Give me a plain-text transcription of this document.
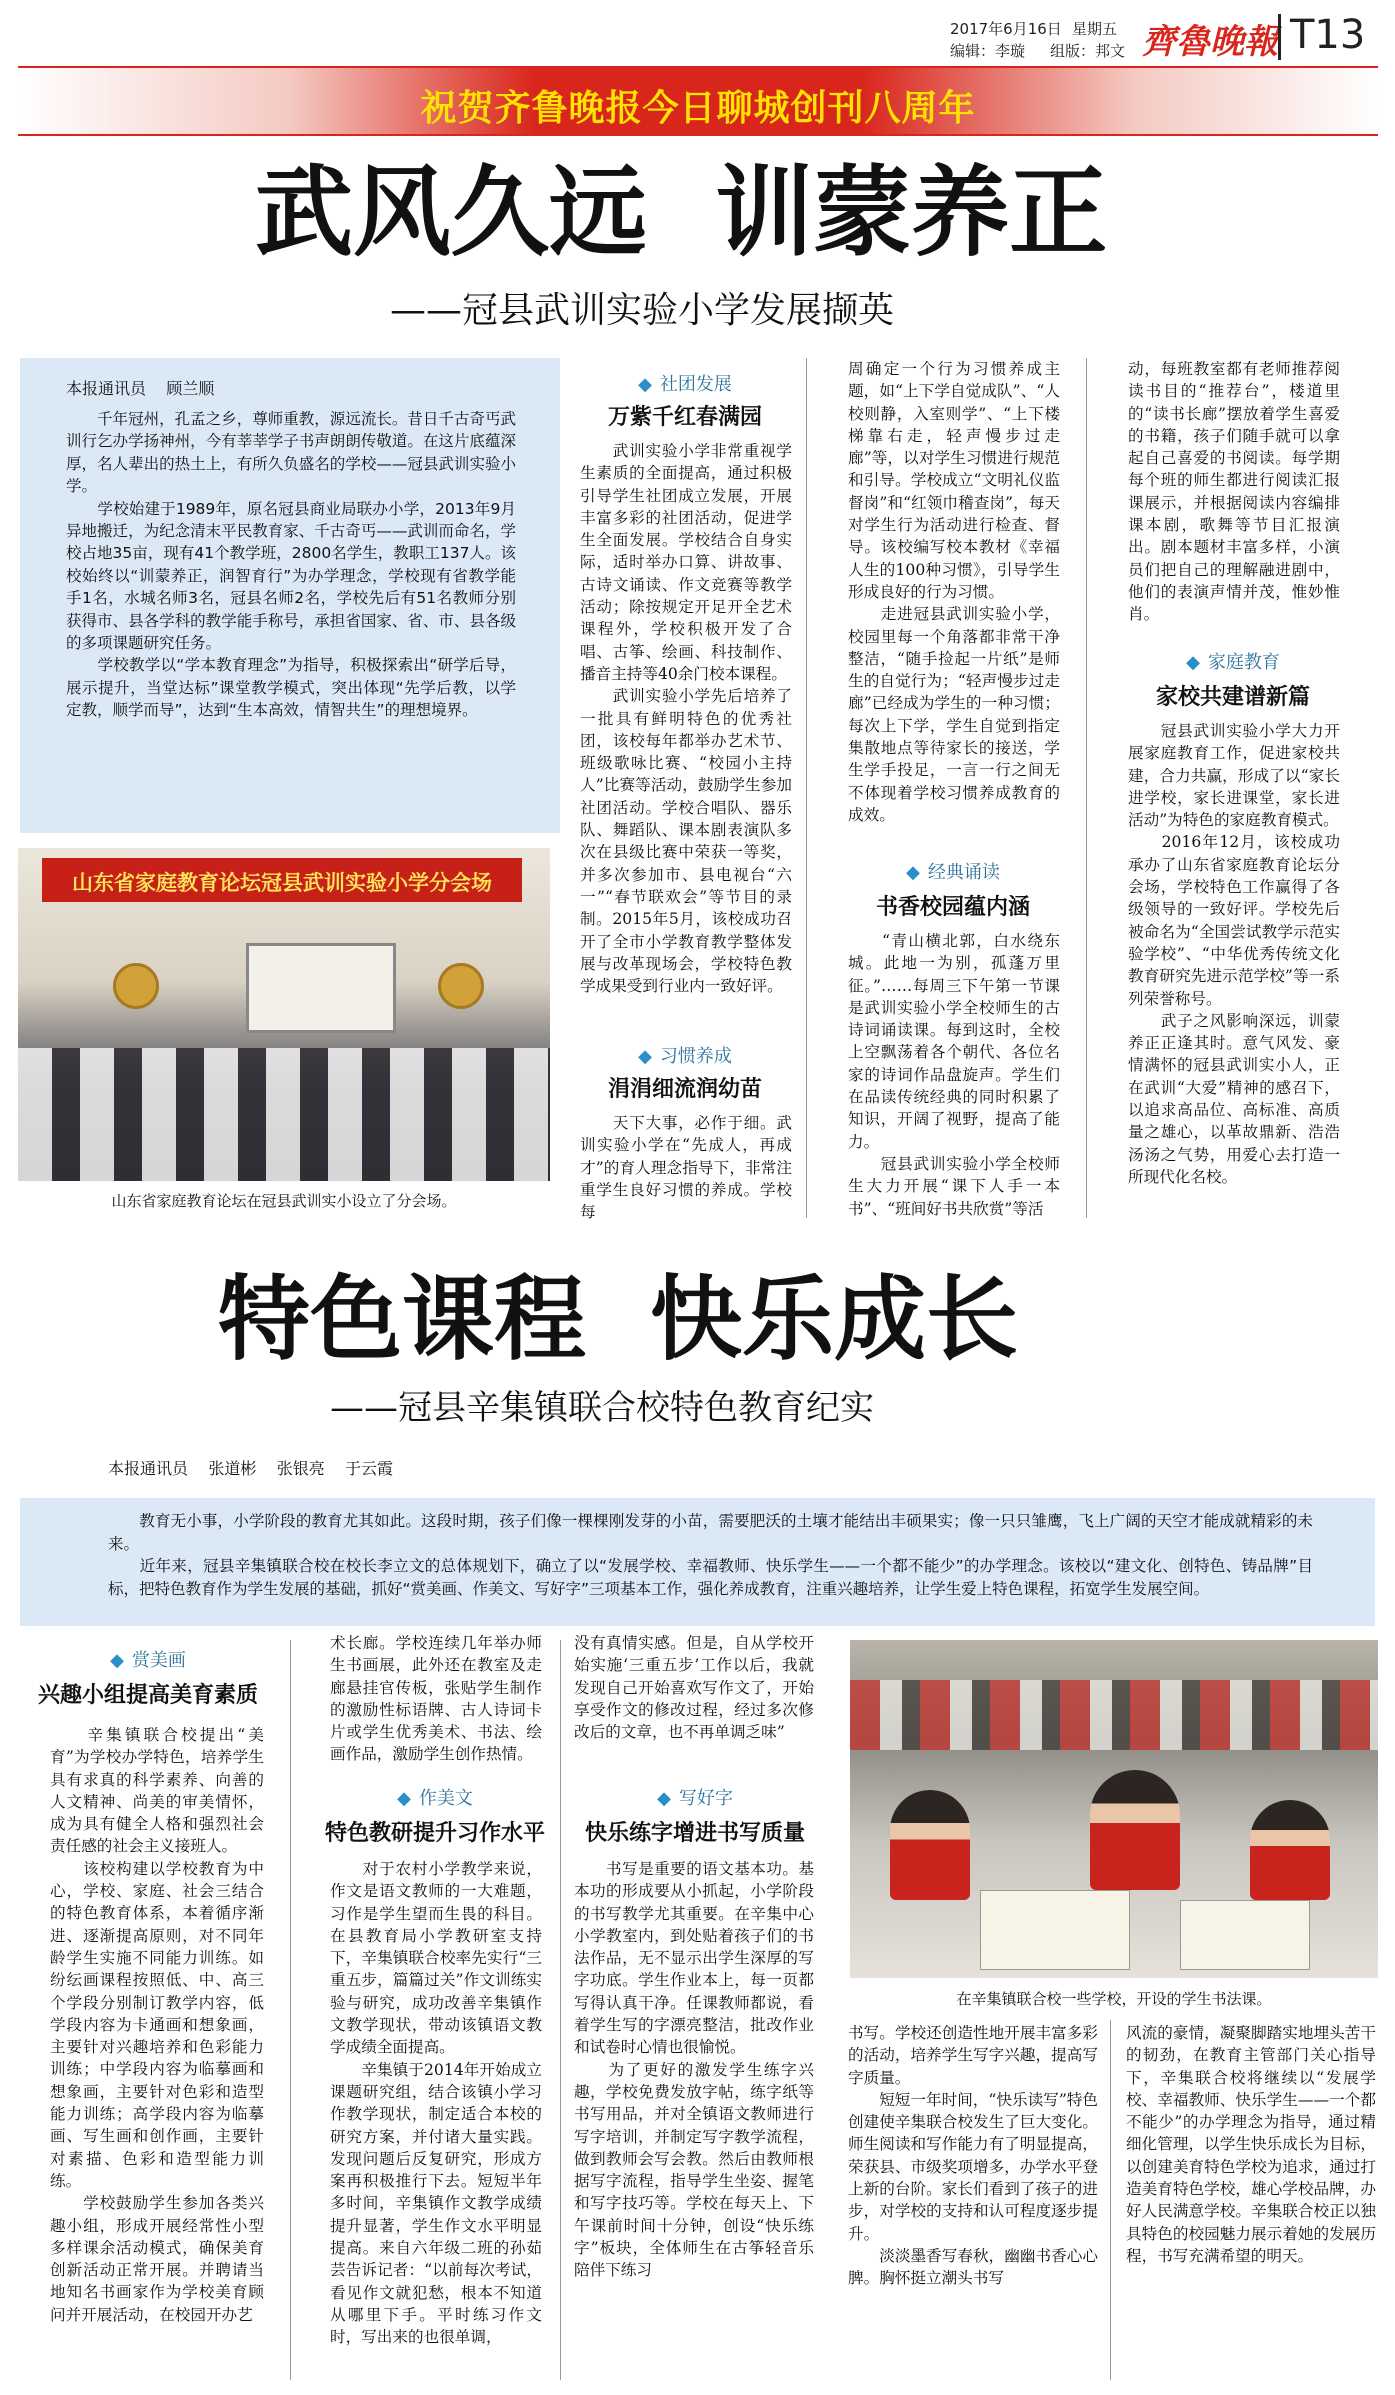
2017年6月16日 星期五
编辑：李璇 组版：邦文 齊魯晚報 T13
祝贺齐鲁晚报今日聊城创刊八周年
武风久远  训蒙养正
——冠县武训实验小学发展撷英
本报通讯员    顾兰顺
　　千年冠州，孔孟之乡，尊师重教，源远流长。昔日千古奇丐武训行乞办学扬神州，今有莘莘学子书声朗朗传敬道。在这片底蕴深厚，名人辈出的热土上，有所久负盛名的学校——冠县武训实验小学。
　　学校始建于1989年，原名冠县商业局联办小学，2013年9月异地搬迁，为纪念清末平民教育家、千古奇丐——武训而命名，学校占地35亩，现有41个教学班，2800名学生，教职工137人。该校始终以“训蒙养正，润智育行”为办学理念，学校现有省教学能手1名，水城名师3名，冠县名师2名，学校先后有51名教师分别获得市、县各学科的教学能手称号，承担省国家、省、市、县各级的多项课题研究任务。
　　学校教学以“学本教育理念”为指导，积极探索出“研学后导，展示提升，当堂达标”课堂教学模式，突出体现“先学后教，以学定教，顺学而导”，达到“生本高效，情智共生”的理想境界。
山东省家庭教育论坛冠县武训实验小学分会场
山东省家庭教育论坛在冠县武训实小设立了分会场。
◆ 社团发展
万紫千红春满园
　　武训实验小学非常重视学生素质的全面提高，通过积极引导学生社团成立发展，开展丰富多彩的社团活动，促进学生全面发展。学校结合自身实际，适时举办口算、讲故事、古诗文诵读、作文竞赛等教学活动；除按规定开足开全艺术课程外，学校积极开发了合唱、古筝、绘画、科技制作、播音主持等40余门校本课程。
　　武训实验小学先后培养了一批具有鲜明特色的优秀社团，该校每年都举办艺术节、班级歌咏比赛、“校园小主持人”比赛等活动，鼓励学生参加社团活动。学校合唱队、器乐队、舞蹈队、课本剧表演队多次在县级比赛中荣获一等奖，并多次参加市、县电视台“六一”“春节联欢会”等节目的录制。2015年5月，该校成功召开了全市小学教育教学整体发展与改革现场会，学校特色教学成果受到行业内一致好评。
◆ 习惯养成
涓涓细流润幼苗
　　天下大事，必作于细。武训实验小学在“先成人，再成才”的育人理念指导下，非常注重学生良好习惯的养成。学校每
周确定一个行为习惯养成主题，如“上下学自觉成队”、“人校则静，入室则学”、“上下楼梯靠右走，轻声慢步过走廊”等，以对学生习惯进行规范和引导。学校成立“文明礼仪监督岗”和“红领巾稽查岗”，每天对学生行为活动进行检查、督导。该校编写校本教材《幸福人生的100种习惯》，引导学生形成良好的行为习惯。
　　走进冠县武训实验小学，校园里每一个角落都非常干净整洁，“随手捡起一片纸”是师生的自觉行为；“轻声慢步过走廊”已经成为学生的一种习惯；每次上下学，学生自觉到指定集散地点等待家长的接送，学生学手投足，一言一行之间无不体现着学校习惯养成教育的成效。
◆ 经典诵读
书香校园蕴内涵
　　“青山横北郭，白水绕东城。此地一为别，孤蓬万里征。”……每周三下午第一节课是武训实验小学全校师生的古诗词诵读课。每到这时，全校上空飘荡着各个朝代、各位名家的诗词作品盘旋声。学生们在品读传统经典的同时积累了知识，开阔了视野，提高了能力。
　　冠县武训实验小学全校师生大力开展“课下人手一本书”、“班间好书共欣赏”等活
动，每班教室都有老师推荐阅读书目的“推荐台”，楼道里的“读书长廊”摆放着学生喜爱的书籍，孩子们随手就可以拿起自己喜爱的书阅读。每学期每个班的师生都进行阅读汇报课展示，并根据阅读内容编排课本剧，歌舞等节目汇报演出。剧本题材丰富多样，小演员们把自己的理解融进剧中，他们的表演声情并茂，惟妙惟肖。
◆ 家庭教育
家校共建谱新篇
　　冠县武训实验小学大力开展家庭教育工作，促进家校共建，合力共赢，形成了以“家长进学校，家长进课堂，家长进活动”为特色的家庭教育模式。
　　2016年12月，该校成功承办了山东省家庭教育论坛分会场，学校特色工作赢得了各级领导的一致好评。学校先后被命名为“全国尝试教学示范实验学校”、“中华优秀传统文化教育研究先进示范学校”等一系列荣誉称号。
　　武子之风影响深远，训蒙养正正逢其时。意气风发、豪情满怀的冠县武训实小人，正在武训“大爱”精神的感召下，以追求高品位、高标准、高质量之雄心，以革故鼎新、浩浩汤汤之气势，用爱心去打造一所现代化名校。
特色课程  快乐成长
——冠县辛集镇联合校特色教育纪实
本报通讯员    张道彬    张银亮    于云霞
　　教育无小事，小学阶段的教育尤其如此。这段时期，孩子们像一棵棵刚发芽的小苗，需要肥沃的土壤才能结出丰硕果实；像一只只雏鹰，飞上广阔的天空才能成就精彩的未来。
　　近年来，冠县辛集镇联合校在校长李立文的总体规划下，确立了以“发展学校、幸福教师、快乐学生——一个都不能少”的办学理念。该校以“建文化、创特色、铸品牌”目标，把特色教育作为学生发展的基础，抓好“赏美画、作美文、写好字”三项基本工作，强化养成教育，注重兴趣培养，让学生爱上特色课程，拓宽学生发展空间。
◆ 赏美画
兴趣小组提高美育素质
　　辛集镇联合校提出“美育”为学校办学特色，培养学生具有求真的科学素养、向善的人文精神、尚美的审美情怀，成为具有健全人格和强烈社会责任感的社会主义接班人。
　　该校构建以学校教育为中心，学校、家庭、社会三结合的特色教育体系，本着循序渐进、逐渐提高原则，对不同年龄学生实施不同能力训练。如纷纭画课程按照低、中、高三个学段分别制订教学内容，低学段内容为卡通画和想象画，主要针对兴趣培养和色彩能力训练；中学段内容为临摹画和想象画，主要针对色彩和造型能力训练；高学段内容为临摹画、写生画和创作画，主要针对素描、色彩和造型能力训练。
　　学校鼓励学生参加各类兴趣小组，形成开展经常性小型多样课余活动模式，确保美育创新活动正常开展。并聘请当地知名书画家作为学校美育顾问并开展活动，在校园开办艺
术长廊。学校连续几年举办师生书画展，此外还在教室及走廊悬挂官传板，张贴学生制作的激励性标语牌、古人诗词卡片或学生优秀美术、书法、绘画作品，激励学生创作热情。
◆ 作美文
特色教研提升习作水平
　　对于农村小学教学来说，作文是语文教师的一大难题，习作是学生望而生畏的科目。在县教育局小学教研室支持下，辛集镇联合校率先实行“三重五步，篇篇过关”作文训练实验与研究，成功改善辛集镇作文教学现状，带动该镇语文教学成绩全面提高。
　　辛集镇于2014年开始成立课题研究组，结合该镇小学习作教学现状，制定适合本校的研究方案，并付诸大量实践。发现问题后反复研究，形成方案再积极推行下去。短短半年多时间，辛集镇作文教学成绩提升显著，学生作文水平明显提高。来自六年级二班的孙茹芸告诉记者：“以前每次考试，看见作文就犯愁，根本不知道从哪里下手。平时练习作文时，写出来的也很单调，
没有真情实感。但是，自从学校开始实施‘三重五步’工作以后，我就发现自己开始喜欢写作文了，开始享受作文的修改过程，经过多次修改后的文章，也不再单调乏味”
◆ 写好字
快乐练字增进书写质量
　　书写是重要的语文基本功。基本功的形成要从小抓起，小学阶段的书写教学尤其重要。在辛集中心小学教室内，到处贴着孩子们的书法作品，无不显示出学生深厚的写字功底。学生作业本上，每一页都写得认真干净。任课教师都说，看着学生写的字漂亮整洁，批改作业和试卷时心情也很愉悦。
　　为了更好的激发学生练字兴趣，学校免费发放字帖，练字纸等书写用品，并对全镇语文教师进行写字培训，并制定写字教学流程，做到教师会写会教。然后由教师根据写字流程，指导学生坐姿、握笔和写字技巧等。学校在每天上、下午课前时间十分钟，创设“快乐练字”板块，全体师生在古筝轻音乐陪伴下练习
在辛集镇联合校一些学校，开设的学生书法课。
书写。学校还创造性地开展丰富多彩的活动，培养学生写字兴趣，提高写字质量。
　　短短一年时间，“快乐读写”特色创建使辛集联合校发生了巨大变化。师生阅读和写作能力有了明显提高，荣获县、市级奖项增多，办学水平登上新的台阶。家长们看到了孩子的进步，对学校的支持和认可程度逐步提升。
　　淡淡墨香写春秋，幽幽书香心心脾。胸怀挺立潮头书写
风流的豪情，凝聚脚踏实地埋头苦干的韧劲，在教育主管部门关心指导下，辛集联合校将继续以“发展学校、幸福教师、快乐学生——一个都不能少”的办学理念为指导，通过精细化管理，以学生快乐成长为目标，以创建美育特色学校为追求，通过打造美育特色学校，雄心学校品牌，办好人民满意学校。辛集联合校正以独具特色的校园魅力展示着她的发展历程，书写充满希望的明天。
